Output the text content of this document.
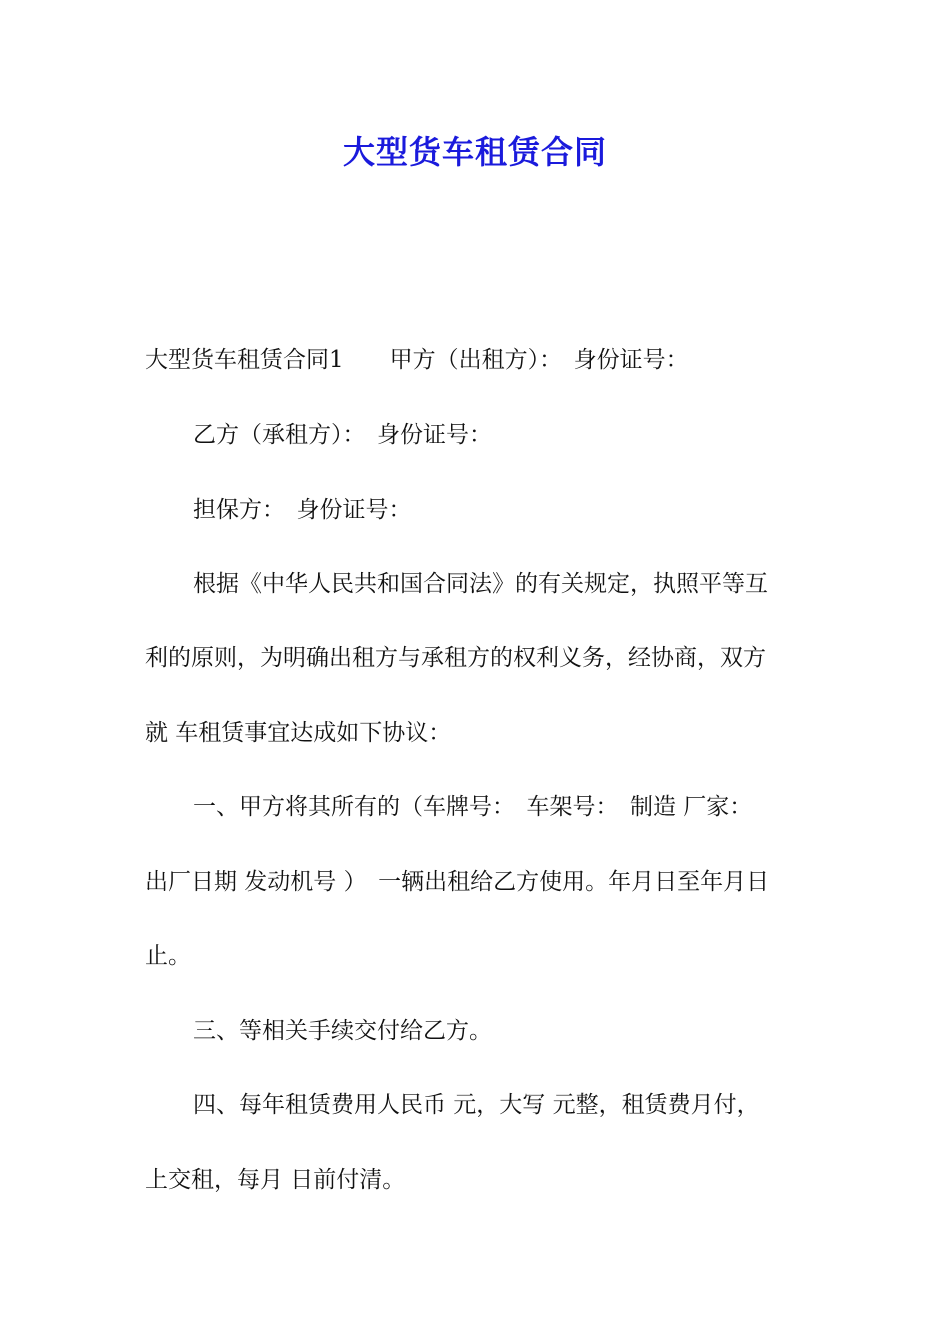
大型货车租赁合同

大型货车租赁合同1　　甲方（出租方）：　身份证号：

乙方（承租方）：　身份证号：

担保方：　身份证号：

根据《中华人民共和国合同法》的有关规定，执照平等互

利的原则，为明确出租方与承租方的权利义务，经协商，双方

就 车租赁事宜达成如下协议：

一、甲方将其所有的（车牌号：　车架号：　制造 厂家：

出厂日期 发动机号 ）　一辆出租给乙方使用。年月日至年月日

止。

三、等相关手续交付给乙方。

四、每年租赁费用人民币 元，大写 元整，租赁费月付，

上交租，每月 日前付清。
